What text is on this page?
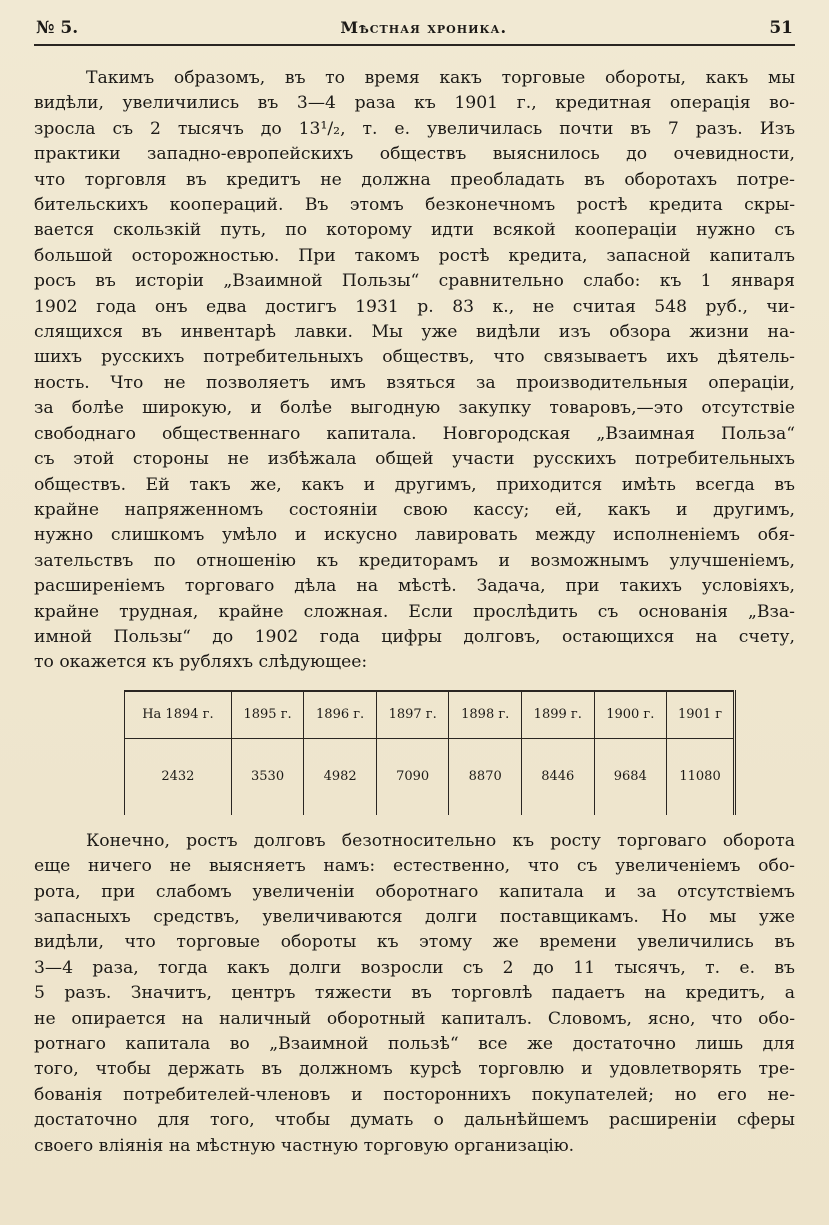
№ 5.	Мѣстная хроника.	51

Такимъ образомъ, въ то время какъ торговые обороты, какъ мы
видѣли, увеличились въ 3—4 раза къ 1901 г., кредитная операція во-
зросла съ 2 тысячъ до 13¹/₂, т. е. увеличилась почти въ 7 разъ. Изъ
практики западно-европейскихъ обществъ выяснилось до очевидности,
что торговля въ кредитъ не должна преобладать въ оборотахъ потре-
бительскихъ коопераций. Въ этомъ безконечномъ ростѣ кредита скры-
вается скользкій путь, по которому идти всякой коопераціи нужно съ
большой осторожностью. При такомъ ростѣ кредита, запасной капиталъ
росъ въ исторіи „Взаимной Пользы“ сравнительно слабо: къ 1 января
1902 года онъ едва достигъ 1931 р. 83 к., не считая 548 руб., чи-
слящихся въ инвентарѣ лавки. Мы уже видѣли изъ обзора жизни на-
шихъ русскихъ потребительныхъ обществъ, что связываетъ ихъ дѣятель-
ность. Что не позволяетъ имъ взяться за производительныя операціи,
за болѣе широкую, и болѣе выгодную закупку товаровъ,—это отсутствіе
свободнаго общественнаго капитала. Новгородская „Взаимная Польза“
съ этой стороны не избѣжала общей участи русскихъ потребительныхъ
обществъ. Ей такъ же, какъ и другимъ, приходится имѣть всегда въ
крайне напряженномъ состояніи свою кассу; ей, какъ и другимъ,
нужно слишкомъ умѣло и искусно лавировать между исполненіемъ обя-
зательствъ по отношенію къ кредиторамъ и возможнымъ улучшеніемъ,
расширеніемъ торговаго дѣла на мѣстѣ. Задача, при такихъ условіяхъ,
крайне трудная, крайне сложная. Если прослѣдить съ основанія „Вза-
имной Пользы“ до 1902 года цифры долговъ, остающихся на счету,
то окажется къ рубляхъ слѣдующее:

На 1894 г.	1895 г.	1896 г.	1897 г.	1898 г.	1899 г.	1900 г.	1901 г
2432	3530	4982	7090	8870	8446	9684	11080

Конечно, ростъ долговъ безотносительно къ росту торговаго оборота
еще ничего не выясняетъ намъ: естественно, что съ увеличеніемъ обо-
рота, при слабомъ увеличеніи оборотнаго капитала и за отсутствіемъ
запасныхъ средствъ, увеличиваются долги поставщикамъ. Но мы уже
видѣли, что торговые обороты къ этому же времени увеличились въ
3—4 раза, тогда какъ долги возросли съ 2 до 11 тысячъ, т. е. въ
5 разъ. Значитъ, центръ тяжести въ торговлѣ падаетъ на кредитъ, а
не опирается на наличный оборотный капиталъ. Словомъ, ясно, что обо-
ротнаго капитала во „Взаимной пользѣ“ все же достаточно лишь для
того, чтобы держать въ должномъ курсѣ торговлю и удовлетворять тре-
бованія потребителей-членовъ и постороннихъ покупателей; но его не-
достаточно для того, чтобы думать о дальнѣйшемъ расширеніи сферы
своего вліянія на мѣстную частную торговую организацію.
